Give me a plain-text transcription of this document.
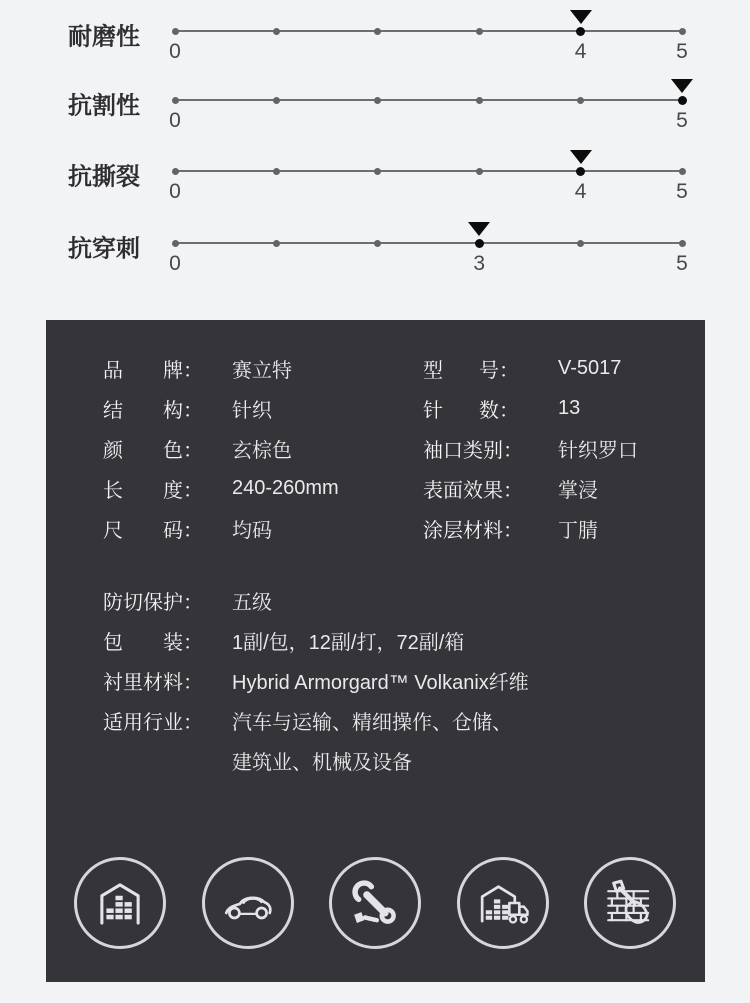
耐磨性
0	4	5
抗割性
0	5
抗撕裂
0	4	5
抗穿刺
0	3	5
品 牌： 赛立特	型 号： V-5017
结 构： 针织	针 数： 13
颜 色： 玄棕色	袖 口 类 别： 针织罗口
长 度： 240-260mm	表 面 效 果： 掌浸
尺 码： 均码	涂 层 材 料： 丁腈
防 切 保 护： 五级
包 装： 1副/包，12副/打，72副/箱
衬 里 材 料： Hybrid Armorgard™ Volkanix纤维
适 用 行 业： 汽车与运输、精细操作、仓储、
建筑业、机械及设备
